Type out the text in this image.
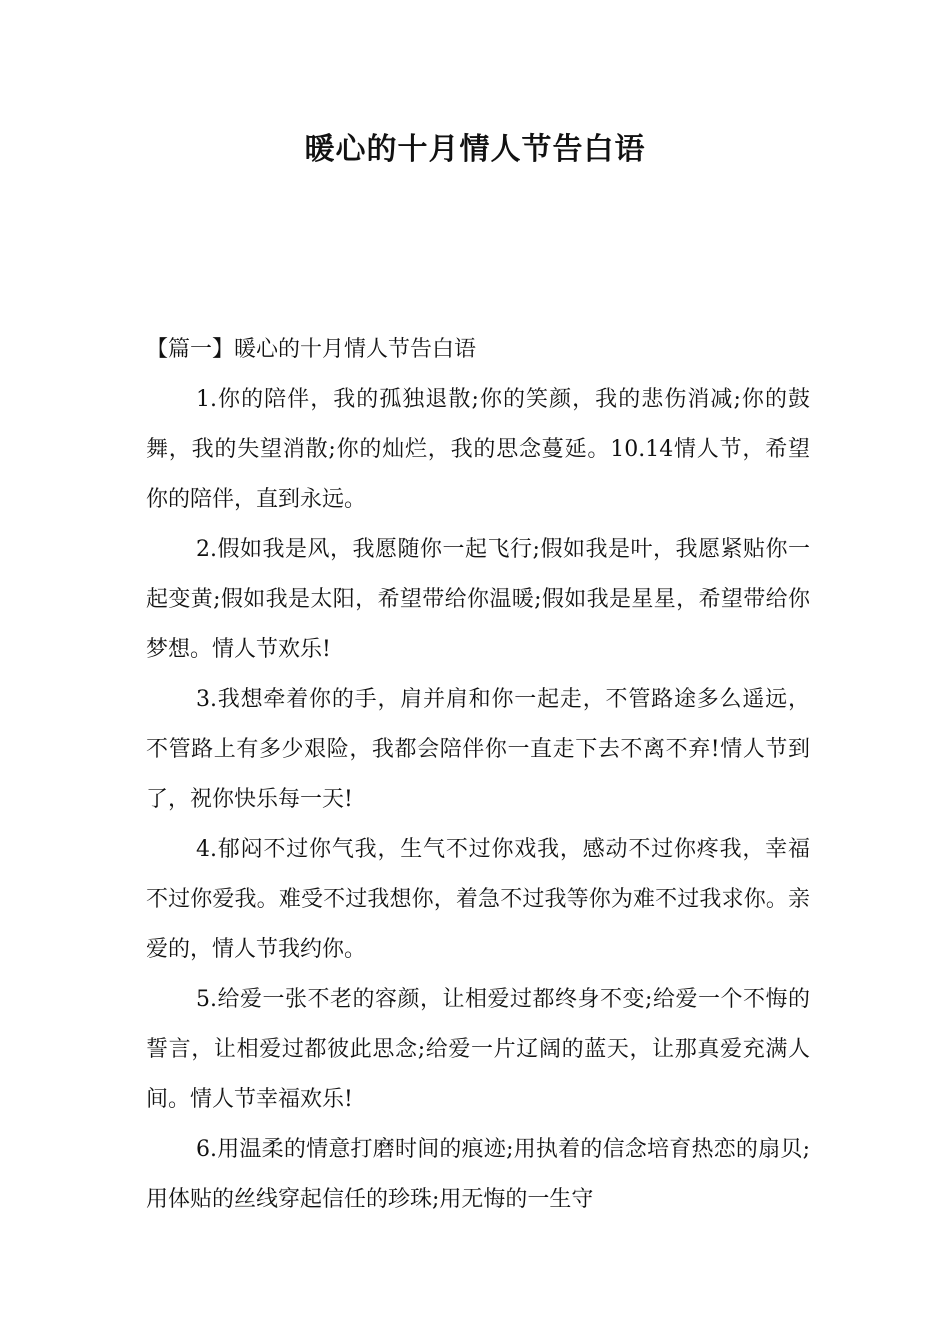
暖心的十月情人节告白语

【篇一】暖心的十月情人节告白语

1.你的陪伴，我的孤独退散;你的笑颜，我的悲伤消减;你的鼓舞，我的失望消散;你的灿烂，我的思念蔓延。10.14情人节，希望你的陪伴，直到永远。

2.假如我是风，我愿随你一起飞行;假如我是叶，我愿紧贴你一起变黄;假如我是太阳，希望带给你温暖;假如我是星星，希望带给你梦想。情人节欢乐!

3.我想牵着你的手，肩并肩和你一起走，不管路途多么遥远，不管路上有多少艰险，我都会陪伴你一直走下去不离不弃!情人节到了，祝你快乐每一天!

4.郁闷不过你气我，生气不过你戏我，感动不过你疼我，幸福不过你爱我。难受不过我想你，着急不过我等你为难不过我求你。亲爱的，情人节我约你。

5.给爱一张不老的容颜，让相爱过都终身不变;给爱一个不悔的誓言，让相爱过都彼此思念;给爱一片辽阔的蓝天，让那真爱充满人间。情人节幸福欢乐!

6.用温柔的情意打磨时间的痕迹;用执着的信念培育热恋的扇贝;用体贴的丝线穿起信任的珍珠;用无悔的一生守
